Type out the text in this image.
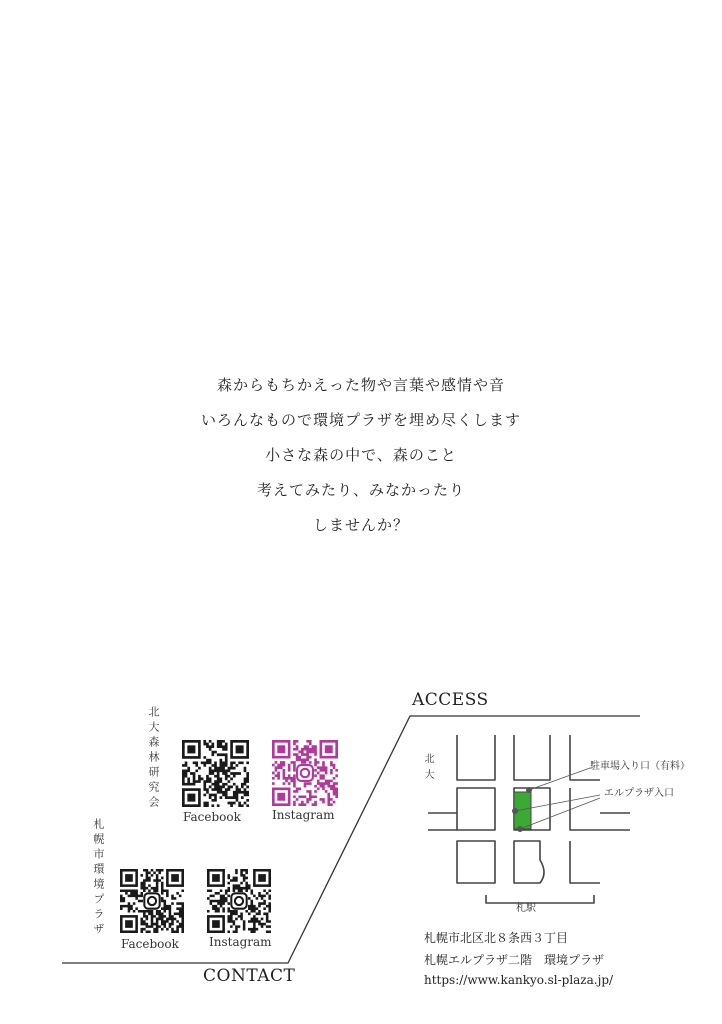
森からもちかえった物や言葉や感情や音
いろんなもので環境プラザを埋め尽くします
小さな森の中で、森のこと
考えてみたり、みなかったり
しませんか？
CONTACT
北大森林研究会
札幌市環境プラザ
Facebook	Instagram
Facebook	Instagram
ACCESS
北大	駐車場入り口（有料）
エルプラザ入口
札駅
札幌市北区北８条西３丁目
札幌エルプラザ二階　環境プラザ
https://www.kankyo.sl-plaza.jp/
